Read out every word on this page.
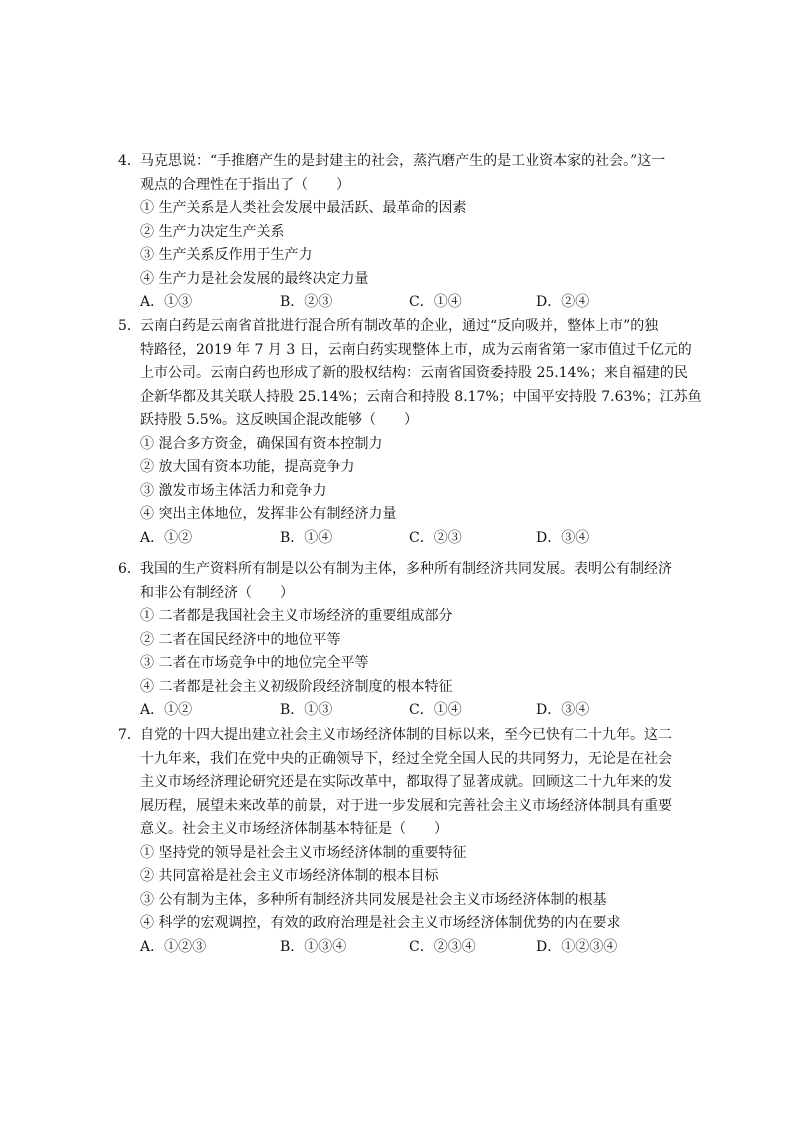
4．马克思说：“手推磨产生的是封建主的社会，蒸汽磨产生的是工业资本家的社会。”这一
观点的合理性在于指出了（　　）
① 生产关系是人类社会发展中最活跃、最革命的因素
② 生产力决定生产关系
③ 生产关系反作用于生产力
④ 生产力是社会发展的最终决定力量
A．①③	B．②③	C．①④	D．②④
5．云南白药是云南省首批进行混合所有制改革的企业，通过“反向吸并，整体上市”的独
特路径，2019 年 7 月 3 日，云南白药实现整体上市，成为云南省第一家市值过千亿元的
上市公司。云南白药也形成了新的股权结构：云南省国资委持股 25.14%；来自福建的民
企新华都及其关联人持股 25.14%；云南合和持股 8.17%；中国平安持股 7.63%；江苏鱼
跃持股 5.5%。这反映国企混改能够（　　）
① 混合多方资金，确保国有资本控制力
② 放大国有资本功能，提高竞争力
③ 激发市场主体活力和竞争力
④ 突出主体地位，发挥非公有制经济力量
A．①②	B．①④	C．②③	D．③④
6．我国的生产资料所有制是以公有制为主体，多种所有制经济共同发展。表明公有制经济
和非公有制经济（　　）
① 二者都是我国社会主义市场经济的重要组成部分
② 二者在国民经济中的地位平等
③ 二者在市场竞争中的地位完全平等
④ 二者都是社会主义初级阶段经济制度的根本特征
A．①②	B．①③	C．①④	D．③④
7．自党的十四大提出建立社会主义市场经济体制的目标以来，至今已快有二十九年。这二
十九年来，我们在党中央的正确领导下，经过全党全国人民的共同努力，无论是在社会
主义市场经济理论研究还是在实际改革中，都取得了显著成就。回顾这二十九年来的发
展历程，展望未来改革的前景，对于进一步发展和完善社会主义市场经济体制具有重要
意义。社会主义市场经济体制基本特征是（　　）
① 坚持党的领导是社会主义市场经济体制的重要特征
② 共同富裕是社会主义市场经济体制的根本目标
③ 公有制为主体，多种所有制经济共同发展是社会主义市场经济体制的根基
④ 科学的宏观调控，有效的政府治理是社会主义市场经济体制优势的内在要求
A．①②③	B．①③④	C．②③④	D．①②③④
